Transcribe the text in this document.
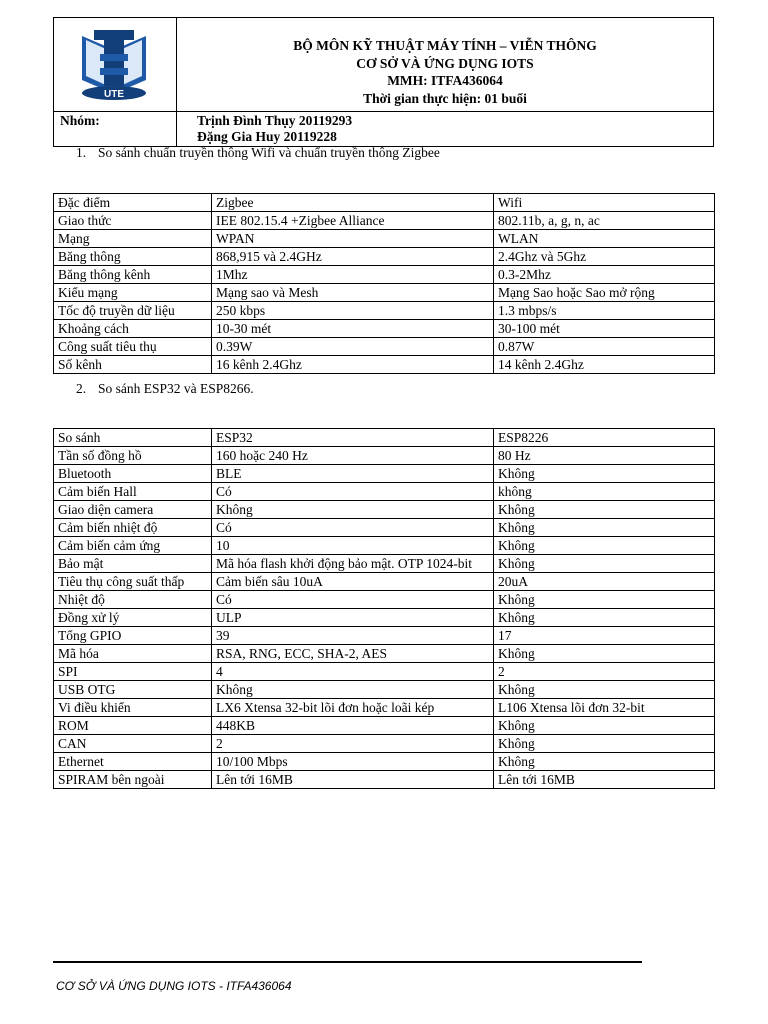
UTE	BỘ MÔN KỸ THUẬT MÁY TÍNH – VIỄN THÔNG
CƠ SỞ VÀ ỨNG DỤNG IOTS
MMH: ITFA436064
Thời gian thực hiện: 01 buổi

Nhóm:	Trịnh Đình Thụy 20119293
Đặng Gia Huy 20119228
1. So sánh chuẩn truyền thông Wifi và chuẩn truyền thông Zigbee
Đặc điểm	Zigbee	Wifi
Giao thức	IEE 802.15.4 +Zigbee Alliance	802.11b, a, g, n, ac
Mạng	WPAN	WLAN
Băng thông	868,915 và 2.4GHz	2.4Ghz và 5Ghz
Băng thông kênh	1Mhz	0.3-2Mhz
Kiểu mạng	Mạng sao và Mesh	Mạng Sao hoặc Sao mở rộng
Tốc độ truyền dữ liệu	250 kbps	1.3 mbps/s
Khoảng cách	10-30 mét	30-100 mét
Công suất tiêu thụ	0.39W	0.87W
Số kênh	16 kênh 2.4Ghz	14 kênh 2.4Ghz
2. So sánh ESP32 và ESP8266.
So sánh	ESP32	ESP8226
Tần số đồng hồ	160 hoặc 240 Hz	80 Hz
Bluetooth	BLE	Không
Cảm biến Hall	Có	không
Giao diện camera	Không	Không
Cảm biến nhiệt độ	Có	Không
Cảm biến cảm ứng	10	Không
Bảo mật	Mã hóa flash khởi động bảo mật. OTP 1024-bit	Không
Tiêu thụ công suất thấp	Cảm biến sâu 10uA	20uA
Nhiệt độ	Có	Không
Đồng xử lý	ULP	Không
Tổng GPIO	39	17
Mã hóa	RSA, RNG, ECC, SHA-2, AES	Không
SPI	4	2
USB OTG	Không	Không
Vi điều khiển	LX6 Xtensa 32-bit lõi đơn hoặc loãi kép	L106 Xtensa lõi đơn 32-bit
ROM	448KB	Không
CAN	2	Không
Ethernet	10/100 Mbps	Không
SPIRAM bên ngoài	Lên tới 16MB	Lên tới 16MB
CƠ SỞ VÀ ỨNG DỤNG IOTS - ITFA436064
